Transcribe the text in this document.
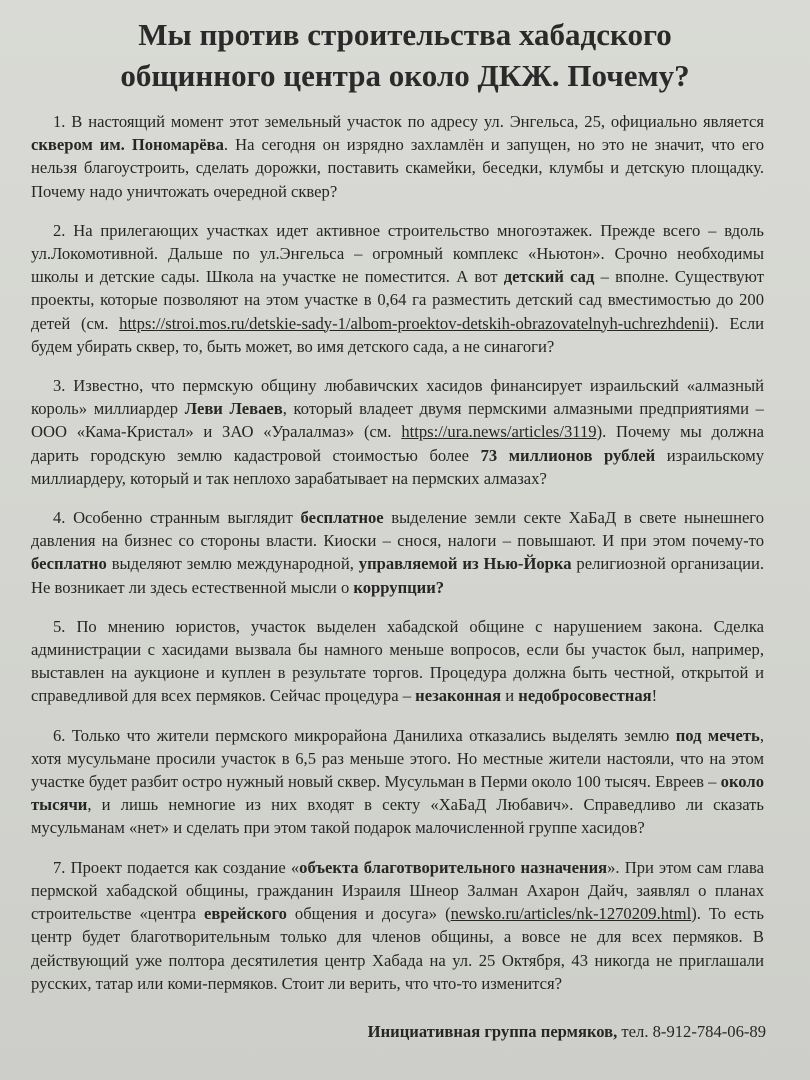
Мы против строительства хабадского
общинного центра около ДКЖ. Почему?

1. В настоящий момент этот земельный участок по адресу ул. Энгельса, 25, официально является сквером им. Пономарёва. На сегодня он изрядно захламлён и запущен, но это не значит, что его нельзя благоустроить, сделать дорожки, поставить скамейки, беседки, клумбы и детскую площадку. Почему надо уничтожать очередной сквер?

2. На прилегающих участках идет активное строительство многоэтажек. Прежде всего – вдоль ул.Локомотивной. Дальше по ул.Энгельса – огромный комплекс «Ньютон». Срочно необходимы школы и детские сады. Школа на участке не поместится. А вот детский сад – вполне. Существуют проекты, которые позволяют на этом участке в 0,64 га разместить детский сад вместимостью до 200 детей (см. https://stroi.mos.ru/detskie-sady-1/albom-proektov-detskih-obrazovatelnyh-uchrezhdenii). Если будем убирать сквер, то, быть может, во имя детского сада, а не синагоги?

3. Известно, что пермскую общину любавичских хасидов финансирует израильский «алмазный король» миллиардер Леви Леваев, который владеет двумя пермскими алмазными предприятиями – ООО «Кама-Кристал» и ЗАО «Уралалмаз» (см. https://ura.news/articles/3119). Почему мы должна дарить городскую землю кадастровой стоимостью более 73 миллионов рублей израильскому миллиардеру, который и так неплохо зарабатывает на пермских алмазах?

4. Особенно странным выглядит бесплатное выделение земли секте ХаБаД в свете нынешнего давления на бизнес со стороны власти. Киоски – снося, налоги – повышают. И при этом почему-то бесплатно выделяют землю международной, управляемой из Нью-Йорка религиозной организации. Не возникает ли здесь естественной мысли о коррупции?

5. По мнению юристов, участок выделен хабадской общине с нарушением закона. Сделка администрации с хасидами вызвала бы намного меньше вопросов, если бы участок был, например, выставлен на аукционе и куплен в результате торгов. Процедура должна быть честной, открытой и справедливой для всех пермяков. Сейчас процедура – незаконная и недобросовестная!

6. Только что жители пермского микрорайона Данилиха отказались выделять землю под мечеть, хотя мусульмане просили участок в 6,5 раз меньше этого. Но местные жители настояли, что на этом участке будет разбит остро нужный новый сквер. Мусульман в Перми около 100 тысяч. Евреев – около тысячи, и лишь немногие из них входят в секту «ХаБаД Любавич». Справедливо ли сказать мусульманам «нет» и сделать при этом такой подарок малочисленной группе хасидов?

7. Проект подается как создание «объекта благотворительного назначения». При этом сам глава пермской хабадской общины, гражданин Израиля Шнеор Залман Ахарон Дайч, заявлял о планах строительстве «центра еврейского общения и досуга» (newsko.ru/articles/nk-1270209.html). То есть центр будет благотворительным только для членов общины, а вовсе не для всех пермяков. В действующий уже полтора десятилетия центр Хабада на ул. 25 Октября, 43 никогда не приглашали русских, татар или коми-пермяков. Стоит ли верить, что что-то изменится?

Инициативная группа пермяков, тел. 8-912-784-06-89
